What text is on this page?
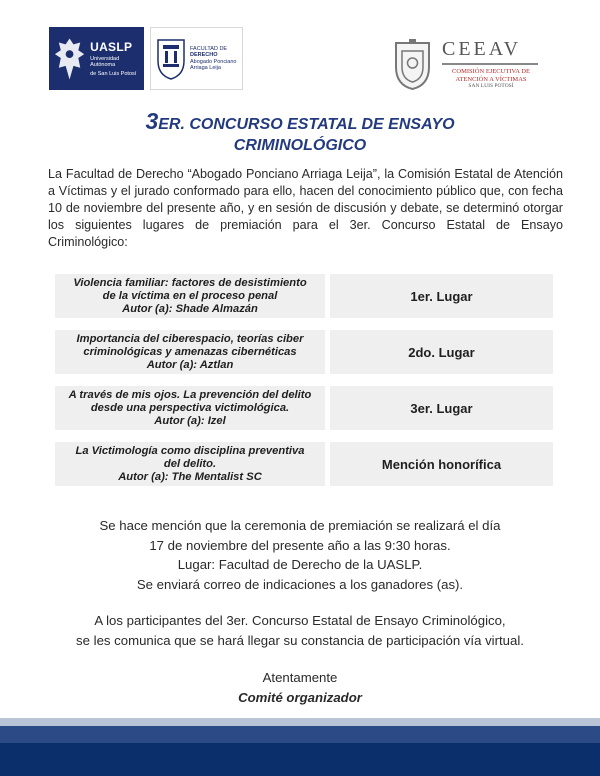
UASLP
Universidad Autónoma
de San Luis Potosí
FACULTAD DE
DERECHO
Abogado Ponciano
Arriaga Leija
CEEAV
COMISIÓN EJECUTIVA DE
ATENCIÓN A VÍCTIMAS
SAN LUIS POTOSÍ
3ER. CONCURSO ESTATAL DE ENSAYO
CRIMINOLÓGICO
La Facultad de Derecho “Abogado Ponciano Arriaga Leija”, la Comisión Estatal de Atención a Víctimas y el jurado conformado para ello, hacen del conocimiento público que, con fecha 10 de noviembre del presente año, y en sesión de discusión y debate, se determinó otorgar los siguientes lugares de premiación para el 3er. Concurso Estatal de Ensayo Criminológico:
Violencia familiar: factores de desistimiento
de la víctima en el proceso penal
Autor (a): Shade Almazán
1er. Lugar
Importancia del ciberespacio, teorías ciber
criminológicas y amenazas cibernéticas
Autor (a): Aztlan
2do. Lugar
A través de mis ojos. La prevención del delito
desde una perspectiva victimológica.
Autor (a): Izel
3er. Lugar
La Victimología como disciplina preventiva
del delito.
Autor (a): The Mentalist SC
Mención honorífica
Se hace mención que la ceremonia de premiación se realizará el día
17 de noviembre del presente año a las 9:30 horas.
Lugar: Facultad de Derecho de la UASLP.
Se enviará correo de indicaciones a los ganadores (as).
A los participantes del 3er. Concurso Estatal de Ensayo Criminológico,
se les comunica que se hará llegar su constancia de participación vía virtual.
Atentamente
Comité organizador
